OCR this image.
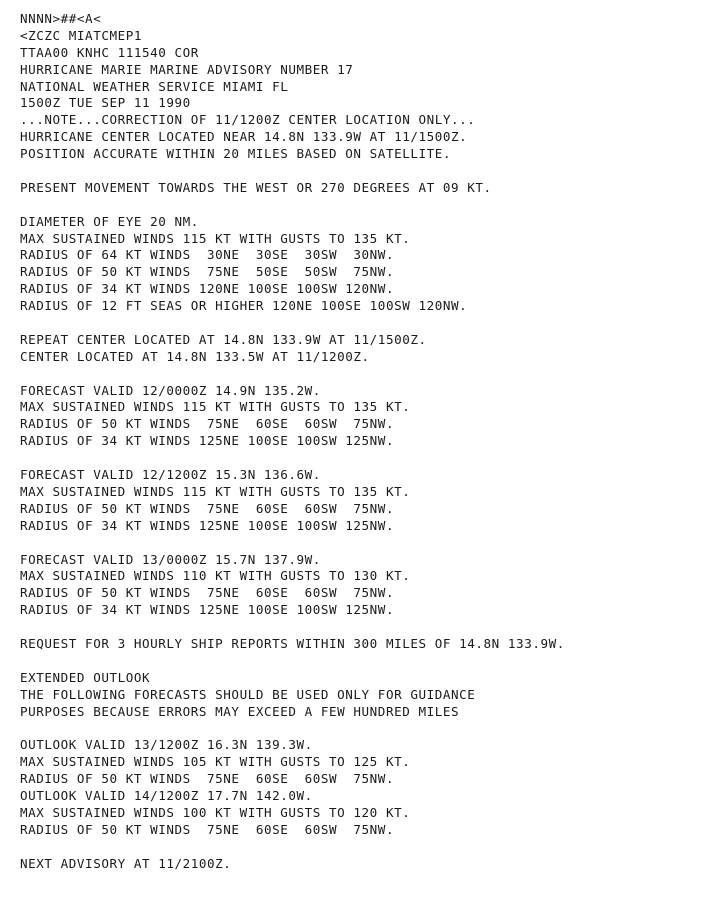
NNNN>##<A<
<ZCZC MIATCMEP1
TTAA00 KNHC 111540 COR
HURRICANE MARIE MARINE ADVISORY NUMBER 17
NATIONAL WEATHER SERVICE MIAMI FL
1500Z TUE SEP 11 1990
...NOTE...CORRECTION OF 11/1200Z CENTER LOCATION ONLY...
HURRICANE CENTER LOCATED NEAR 14.8N 133.9W AT 11/1500Z.
POSITION ACCURATE WITHIN 20 MILES BASED ON SATELLITE.
PRESENT MOVEMENT TOWARDS THE WEST OR 270 DEGREES AT 09 KT.
DIAMETER OF EYE 20 NM.
MAX SUSTAINED WINDS 115 KT WITH GUSTS TO 135 KT.
RADIUS OF 64 KT WINDS  30NE  30SE  30SW  30NW.
RADIUS OF 50 KT WINDS  75NE  50SE  50SW  75NW.
RADIUS OF 34 KT WINDS 120NE 100SE 100SW 120NW.
RADIUS OF 12 FT SEAS OR HIGHER 120NE 100SE 100SW 120NW.
REPEAT CENTER LOCATED AT 14.8N 133.9W AT 11/1500Z.
CENTER LOCATED AT 14.8N 133.5W AT 11/1200Z.
FORECAST VALID 12/0000Z 14.9N 135.2W.
MAX SUSTAINED WINDS 115 KT WITH GUSTS TO 135 KT.
RADIUS OF 50 KT WINDS  75NE  60SE  60SW  75NW.
RADIUS OF 34 KT WINDS 125NE 100SE 100SW 125NW.
FORECAST VALID 12/1200Z 15.3N 136.6W.
MAX SUSTAINED WINDS 115 KT WITH GUSTS TO 135 KT.
RADIUS OF 50 KT WINDS  75NE  60SE  60SW  75NW.
RADIUS OF 34 KT WINDS 125NE 100SE 100SW 125NW.
FORECAST VALID 13/0000Z 15.7N 137.9W.
MAX SUSTAINED WINDS 110 KT WITH GUSTS TO 130 KT.
RADIUS OF 50 KT WINDS  75NE  60SE  60SW  75NW.
RADIUS OF 34 KT WINDS 125NE 100SE 100SW 125NW.
REQUEST FOR 3 HOURLY SHIP REPORTS WITHIN 300 MILES OF 14.8N 133.9W.
EXTENDED OUTLOOK
THE FOLLOWING FORECASTS SHOULD BE USED ONLY FOR GUIDANCE
PURPOSES BECAUSE ERRORS MAY EXCEED A FEW HUNDRED MILES
OUTLOOK VALID 13/1200Z 16.3N 139.3W.
MAX SUSTAINED WINDS 105 KT WITH GUSTS TO 125 KT.
RADIUS OF 50 KT WINDS  75NE  60SE  60SW  75NW.
OUTLOOK VALID 14/1200Z 17.7N 142.0W.
MAX SUSTAINED WINDS 100 KT WITH GUSTS TO 120 KT.
RADIUS OF 50 KT WINDS  75NE  60SE  60SW  75NW.
NEXT ADVISORY AT 11/2100Z.
